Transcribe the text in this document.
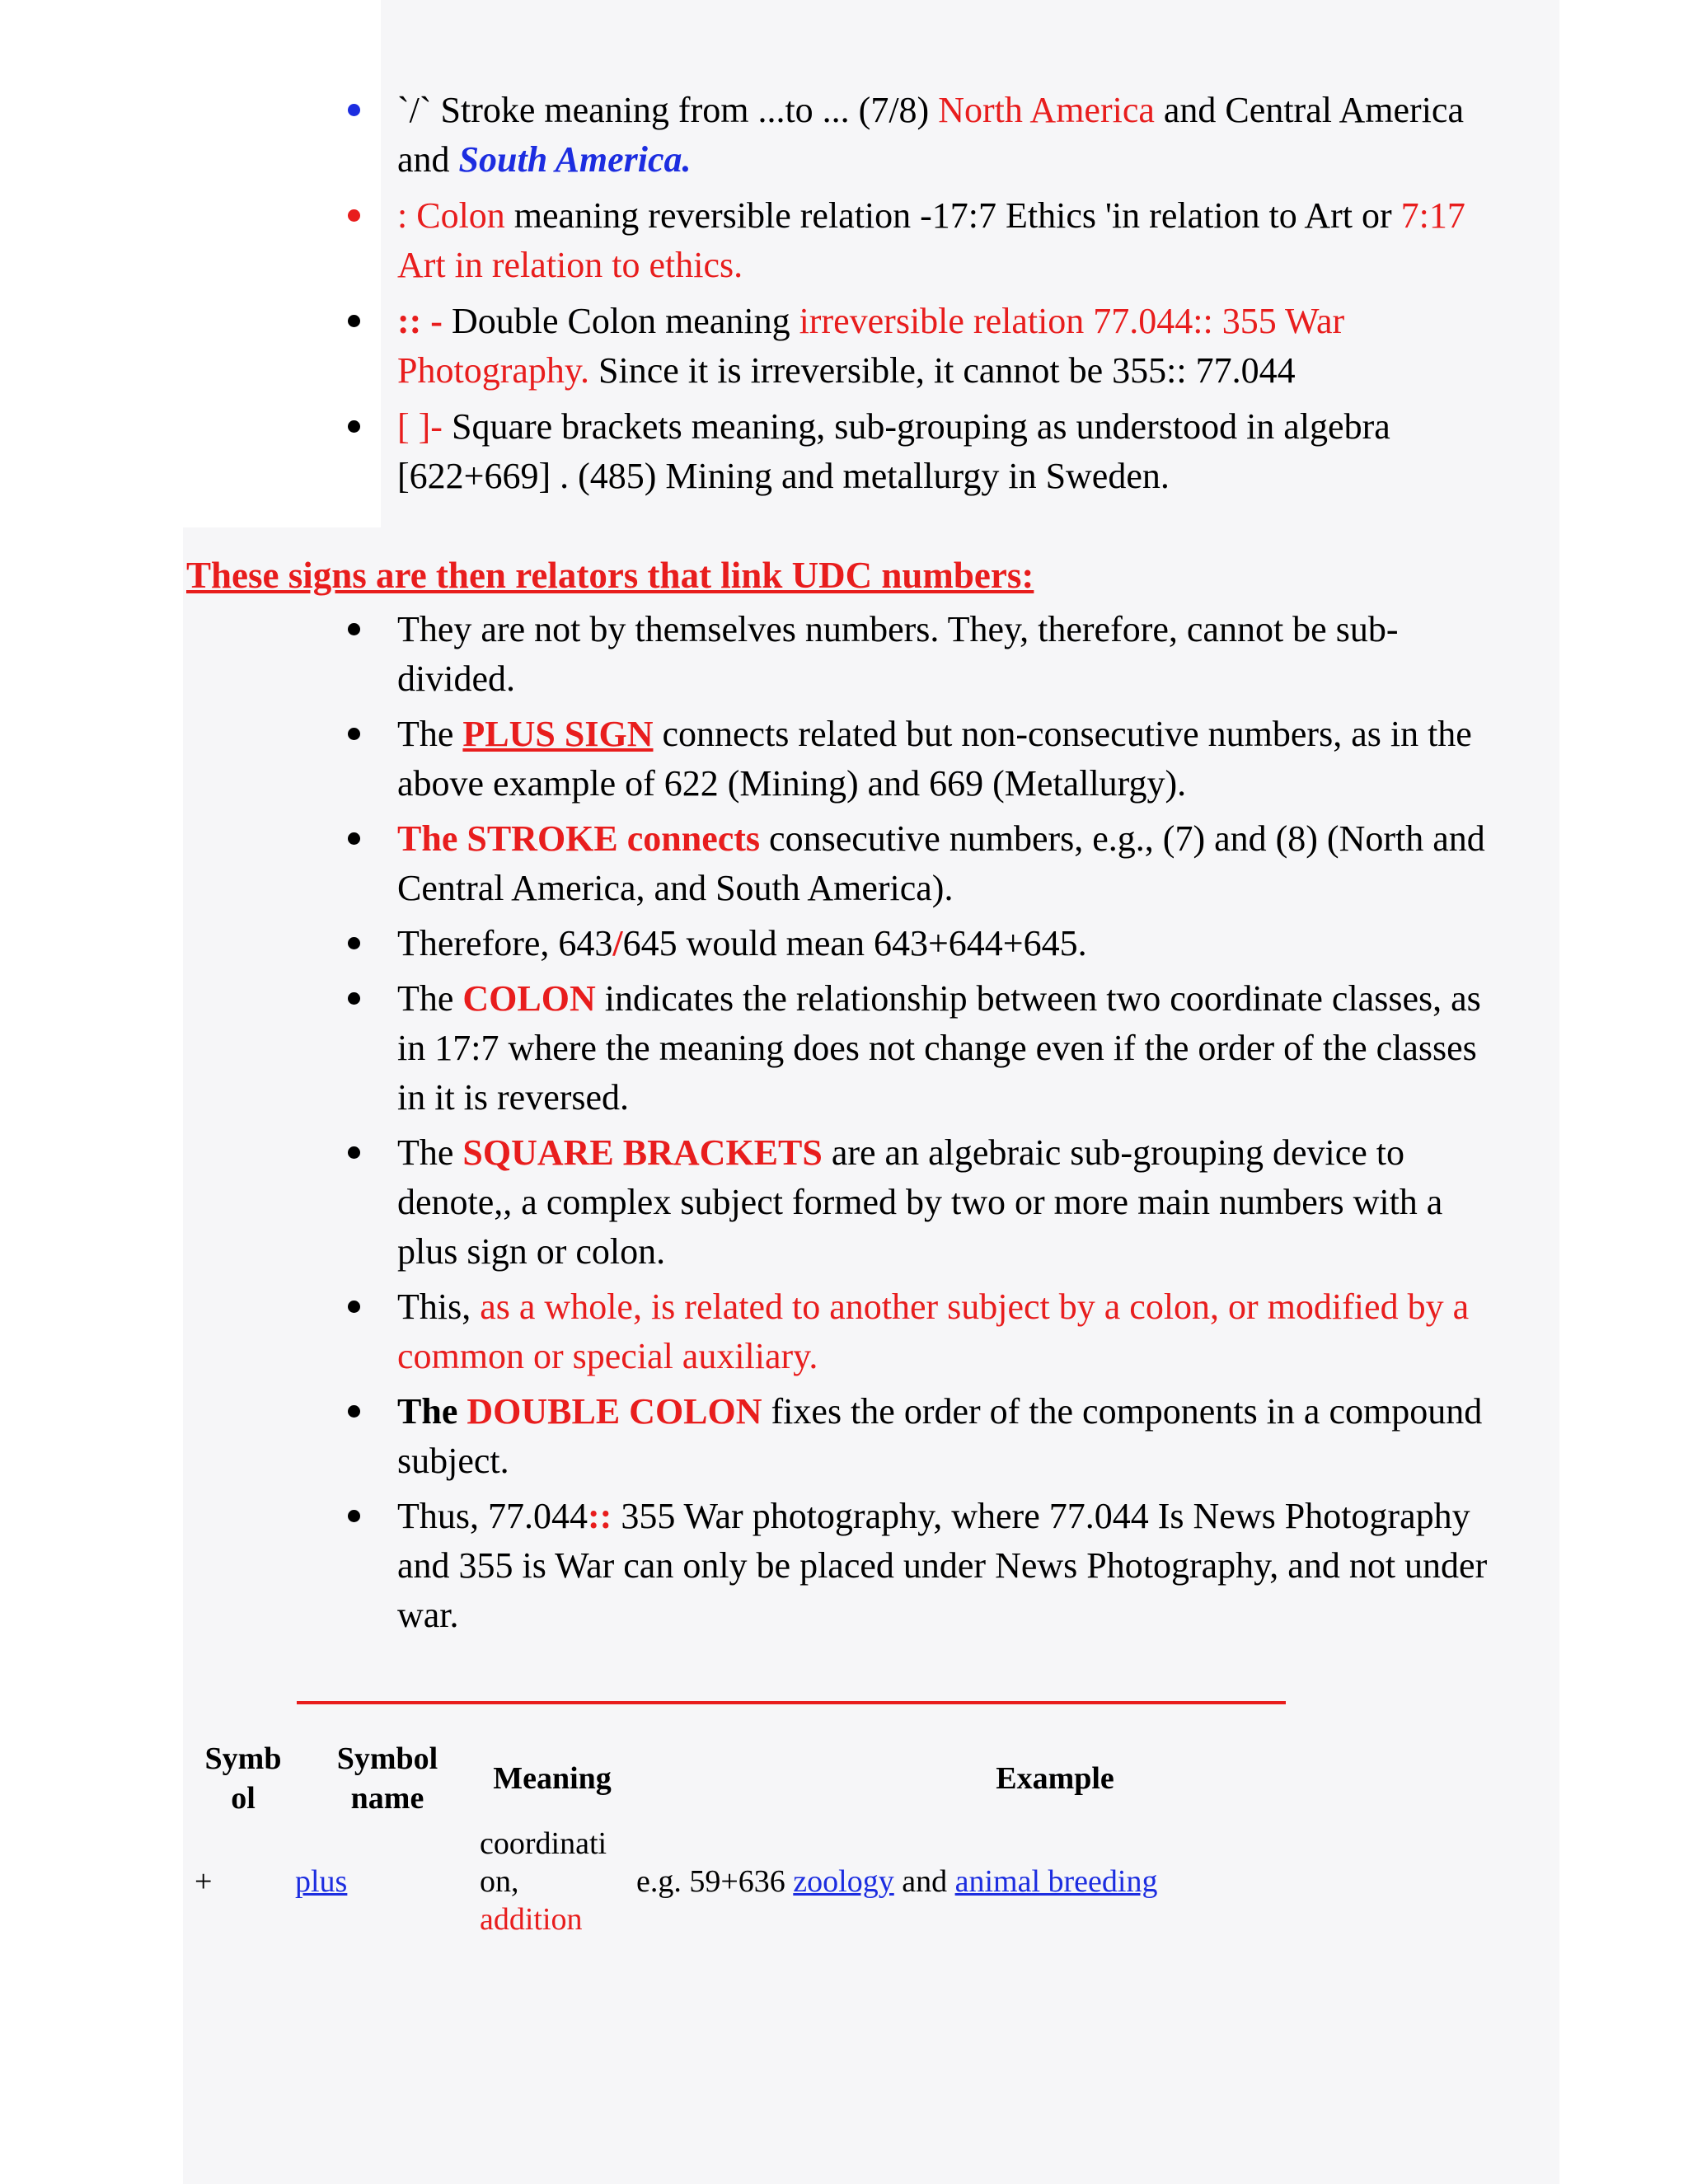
`/` Stroke meaning from ...to ... (7/8) North America and Central America and South America.
: Colon meaning reversible relation -17:7 Ethics 'in relation to Art or 7:17 Art in relation to ethics.
:: - Double Colon meaning irreversible relation 77.044:: 355 War Photography. Since it is irreversible, it cannot be 355:: 77.044
[ ]- Square brackets meaning, sub-grouping as understood in algebra [622+669] . (485) Mining and metallurgy in Sweden.
These signs are then relators that link UDC numbers:
They are not by themselves numbers. They, therefore, cannot be sub-divided.
The PLUS SIGN connects related but non-consecutive numbers, as in the above example of 622 (Mining) and 669 (Metallurgy).
The STROKE connects consecutive numbers, e.g., (7) and (8) (North and Central America, and South America).
Therefore, 643/645 would mean 643+644+645.
The COLON indicates the relationship between two coordinate classes, as in 17:7 where the meaning does not change even if the order of the classes in it is reversed.
The SQUARE BRACKETS are an algebraic sub-grouping device to denote,, a complex subject formed by two or more main numbers with a plus sign or colon.
This, as a whole, is related to another subject by a colon, or modified by a common or special auxiliary.
The DOUBLE COLON fixes the order of the components in a compound subject.
Thus, 77.044:: 355 War photography, where 77.044 Is News Photography and 355 is War can only be placed under News Photography, and not under war.
Symb ol
Symbol name
Meaning	Example
+	plus
coordinati on,
addition
e.g. 59+636 zoology and animal breeding
